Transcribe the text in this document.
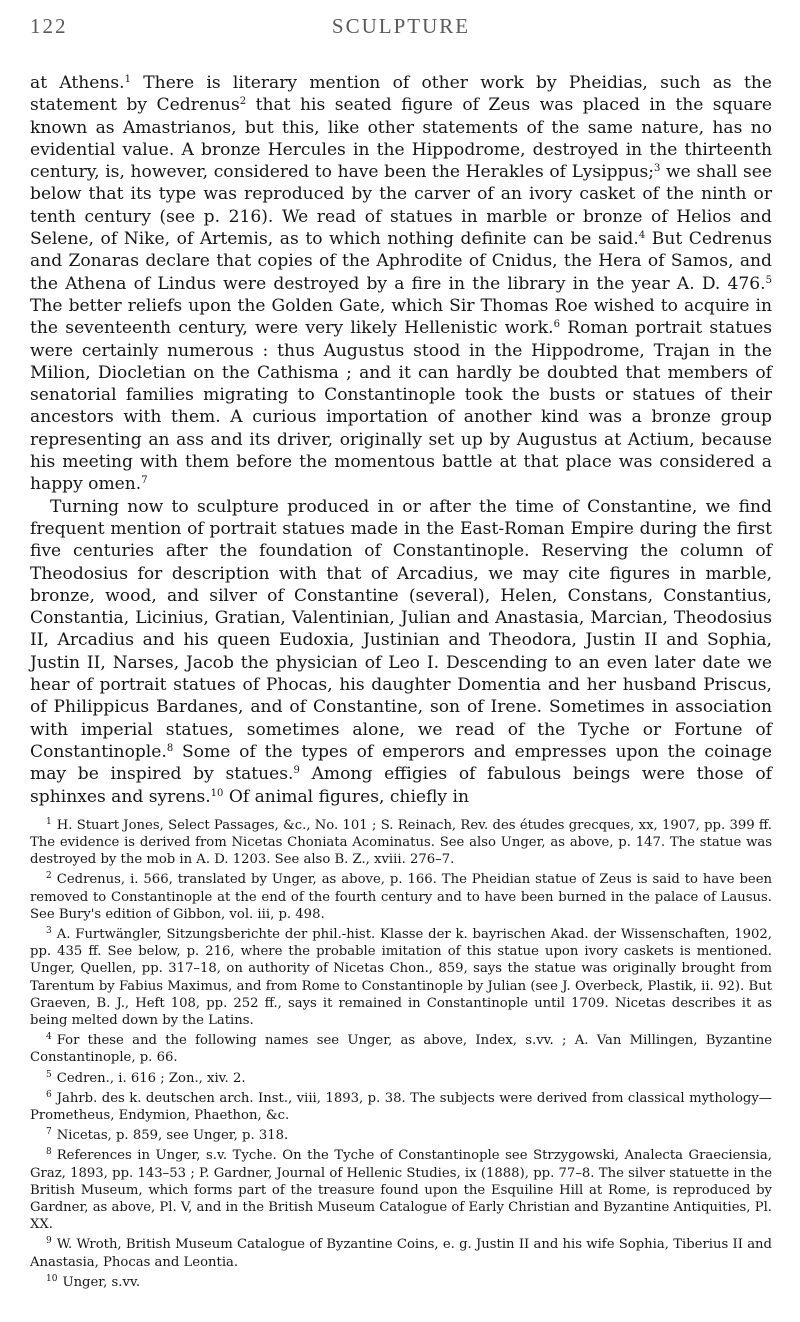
122	SCULPTURE

at Athens.$^1$ There is literary mention of other work by Pheidias, such as the statement by Cedrenus$^2$ that his seated figure of Zeus was placed in the square known as Amastrianos, but this, like other statements of the same nature, has no evidential value. A bronze Hercules in the Hippodrome, destroyed in the thirteenth century, is, however, considered to have been the Herakles of Lysippus;$^3$ we shall see below that its type was reproduced by the carver of an ivory casket of the ninth or tenth century (see p. 216). We read of statues in marble or bronze of Helios and Selene, of Nike, of Artemis, as to which nothing definite can be said.$^4$ But Cedrenus and Zonaras declare that copies of the Aphrodite of Cnidus, the Hera of Samos, and the Athena of Lindus were destroyed by a fire in the library in the year A. D. 476.$^5$ The better reliefs upon the Golden Gate, which Sir Thomas Roe wished to acquire in the seventeenth century, were very likely Hellenistic work.$^6$ Roman portrait statues were certainly numerous : thus Augustus stood in the Hippodrome, Trajan in the Milion, Diocletian on the Cathisma ; and it can hardly be doubted that members of senatorial families migrating to Constantinople took the busts or statues of their ancestors with them. A curious importation of another kind was a bronze group representing an ass and its driver, originally set up by Augustus at Actium, because his meeting with them before the momentous battle at that place was considered a happy omen.$^7$

Turning now to sculpture produced in or after the time of Constantine, we find frequent mention of portrait statues made in the East-Roman Empire during the first five centuries after the foundation of Constantinople. Reserving the column of Theodosius for description with that of Arcadius, we may cite figures in marble, bronze, wood, and silver of Constantine (several), Helen, Constans, Constantius, Constantia, Licinius, Gratian, Valentinian, Julian and Anastasia, Marcian, Theodosius II, Arcadius and his queen Eudoxia, Justinian and Theodora, Justin II and Sophia, Justin II, Narses, Jacob the physician of Leo I. Descending to an even later date we hear of portrait statues of Phocas, his daughter Domentia and her husband Priscus, of Philippicus Bardanes, and of Constantine, son of Irene. Sometimes in association with imperial statues, sometimes alone, we read of the Tyche or Fortune of Constantinople.$^8$ Some of the types of emperors and empresses upon the coinage may be inspired by statues.$^9$ Among effigies of fabulous beings were those of sphinxes and syrens.$^{10}$ Of animal figures, chiefly in

$^1$ H. Stuart Jones, Select Passages, &c., No. 101 ; S. Reinach, Rev. des études grecques, xx, 1907, pp. 399 ff. The evidence is derived from Nicetas Choniata Acominatus. See also Unger, as above, p. 147. The statue was destroyed by the mob in A. D. 1203. See also B. Z., xviii. 276–7.

$^2$ Cedrenus, i. 566, translated by Unger, as above, p. 166. The Pheidian statue of Zeus is said to have been removed to Constantinople at the end of the fourth century and to have been burned in the palace of Lausus. See Bury's edition of Gibbon, vol. iii, p. 498.

$^3$ A. Furtwängler, Sitzungsberichte der phil.-hist. Klasse der k. bayrischen Akad. der Wissenschaften, 1902, pp. 435 ff. See below, p. 216, where the probable imitation of this statue upon ivory caskets is mentioned. Unger, Quellen, pp. 317–18, on authority of Nicetas Chon., 859, says the statue was originally brought from Tarentum by Fabius Maximus, and from Rome to Constantinople by Julian (see J. Overbeck, Plastik, ii. 92). But Graeven, B. J., Heft 108, pp. 252 ff., says it remained in Constantinople until 1709. Nicetas describes it as being melted down by the Latins.

$^4$ For these and the following names see Unger, as above, Index, s.vv. ; A. Van Millingen, Byzantine Constantinople, p. 66.

$^5$ Cedren., i. 616 ; Zon., xiv. 2.

$^6$ Jahrb. des k. deutschen arch. Inst., viii, 1893, p. 38. The subjects were derived from classical mythology—Prometheus, Endymion, Phaethon, &c.

$^7$ Nicetas, p. 859, see Unger, p. 318.

$^8$ References in Unger, s.v. Tyche. On the Tyche of Constantinople see Strzygowski, Analecta Graeciensia, Graz, 1893, pp. 143–53 ; P. Gardner, Journal of Hellenic Studies, ix (1888), pp. 77–8. The silver statuette in the British Museum, which forms part of the treasure found upon the Esquiline Hill at Rome, is reproduced by Gardner, as above, Pl. V, and in the British Museum Catalogue of Early Christian and Byzantine Antiquities, Pl. XX.

$^9$ W. Wroth, British Museum Catalogue of Byzantine Coins, e. g. Justin II and his wife Sophia, Tiberius II and Anastasia, Phocas and Leontia.

$^{10}$ Unger, s.vv.
